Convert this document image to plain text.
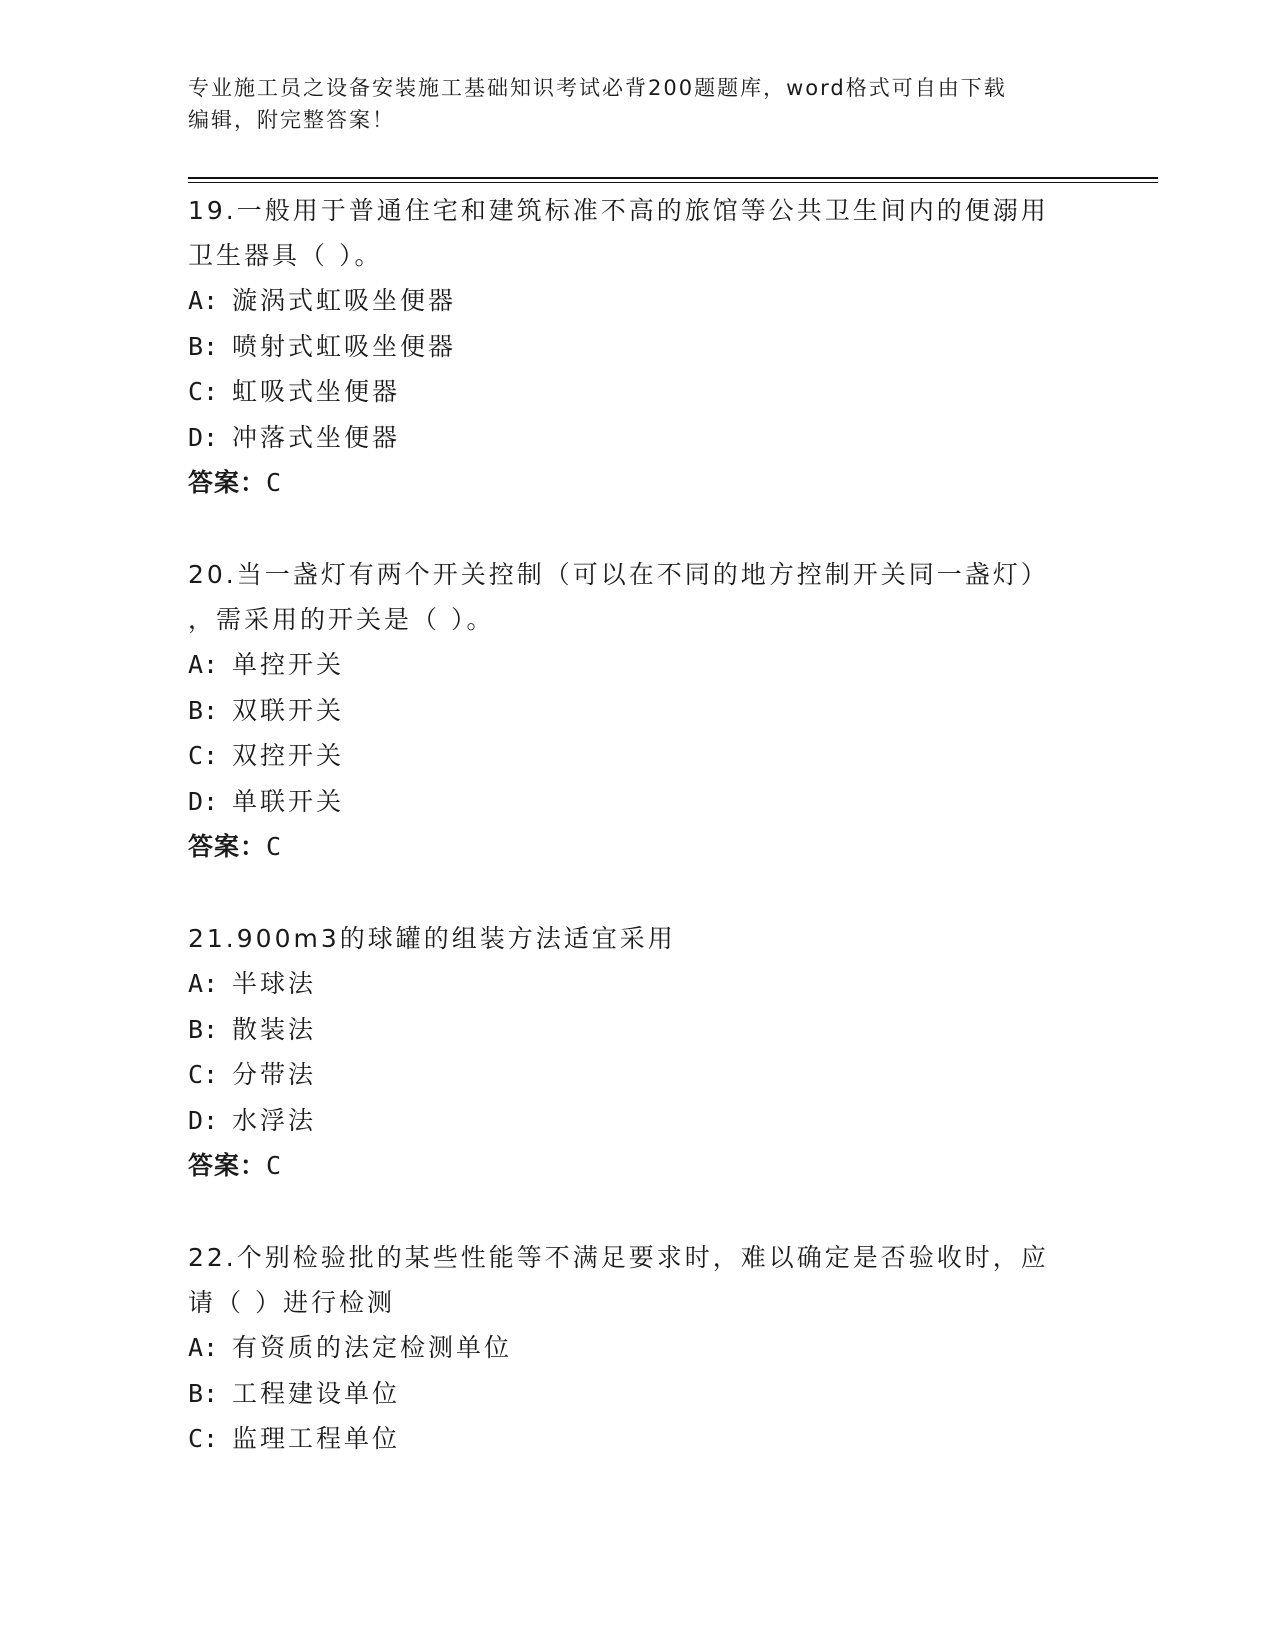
专业施工员之设备安装施工基础知识考试必背200题题库，word格式可自由下载
编辑，附完整答案！

19.一般用于普通住宅和建筑标准不高的旅馆等公共卫生间内的便溺用

卫生器具（ ）。

A: 漩涡式虹吸坐便器
B: 喷射式虹吸坐便器
C: 虹吸式坐便器
D: 冲落式坐便器

答案：C

20.当一盏灯有两个开关控制（可以在不同的地方控制开关同一盏灯）

，需采用的开关是（ ）。

A: 单控开关
B: 双联开关
C: 双控开关
D: 单联开关

答案：C

21.900m3的球罐的组装方法适宜采用

A: 半球法
B: 散装法
C: 分带法
D: 水浮法

答案：C

22.个别检验批的某些性能等不满足要求时，难以确定是否验收时，应

请（ ）进行检测

A: 有资质的法定检测单位
B: 工程建设单位
C: 监理工程单位
